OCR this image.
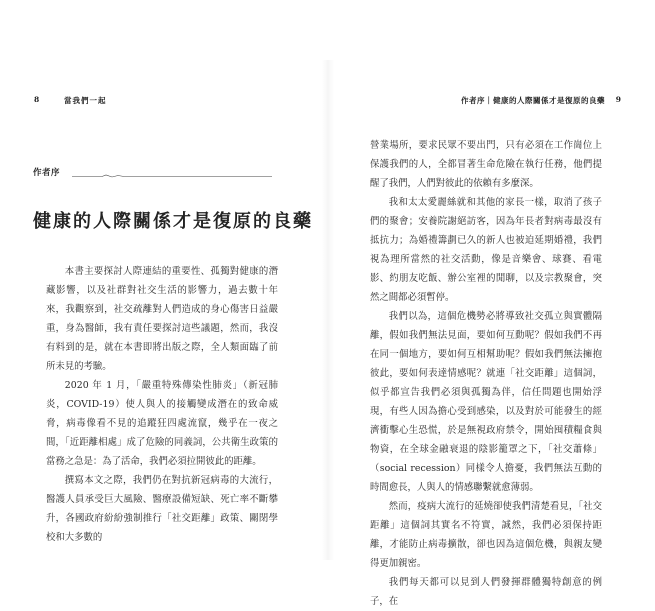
8	當我們一起
作者序
健康的人際關係才是復原的良藥

本書主要探討人際連結的重要性、孤獨對健康的潛藏影響，以及社群對社交生活的影響力，過去數十年來，我觀察到，社交疏離對人們造成的身心傷害日益嚴重，身為醫師，我有責任要探討這些議題，然而，我沒有料到的是，就在本書即將出版之際，全人類面臨了前所未見的考驗。

2020 年 1 月，「嚴重特殊傳染性肺炎」（新冠肺炎，COVID-19）使人與人的接觸變成潛在的致命威脅，病毒像看不見的追蹤狂四處流竄，幾乎在一夜之間，「近距離相處」成了危險的同義詞，公共衛生政策的當務之急是：為了活命，我們必須拉開彼此的距離。

撰寫本文之際，我們仍在對抗新冠病毒的大流行，醫護人員承受巨大風險、醫療設備短缺、死亡率不斷攀升，各國政府紛紛強制推行「社交距離」政策、關閉學校和大多數的

作者序｜健康的人際關係才是復原的良藥 9

營業場所，要求民眾不要出門，只有必須在工作崗位上保護我們的人，全都冒著生命危險在執行任務，他們提醒了我們，人們對彼此的依賴有多麼深。

我和太太愛麗絲就和其他的家長一樣，取消了孩子們的聚會；安養院謝絕訪客，因為年長者對病毒最沒有抵抗力；為婚禮籌劃已久的新人也被迫延期婚禮，我們視為理所當然的社交活動，像是音樂會、球賽、看電影、約朋友吃飯、辦公室裡的閒聊，以及宗教聚會，突然之間都必須暫停。

我們以為，這個危機勢必將導致社交孤立與實體隔離，假如我們無法見面，要如何互動呢？假如我們不再在同一個地方，要如何互相幫助呢？假如我們無法擁抱彼此，要如何表達情感呢？就連「社交距離」這個詞，似乎都宣告我們必須與孤獨為伴，信任問題也開始浮現，有些人因為擔心受到感染，以及對於可能發生的經濟衝擊心生恐慌，於是無視政府禁令，開始囤積糧食與物資，在全球金融衰退的陰影籠罩之下，「社交蕭條」（social recession）同樣令人擔憂，我們無法互動的時間愈長，人與人的情感聯繫就愈薄弱。

然而，疫病大流行的延燒卻使我們清楚看見，「社交距離」這個詞其實名不符實，誠然，我們必須保持距離，才能防止病毒擴散，卻也因為這個危機，與親友變得更加親密。

我們每天都可以見到人們發揮群體獨特創意的例子，在
